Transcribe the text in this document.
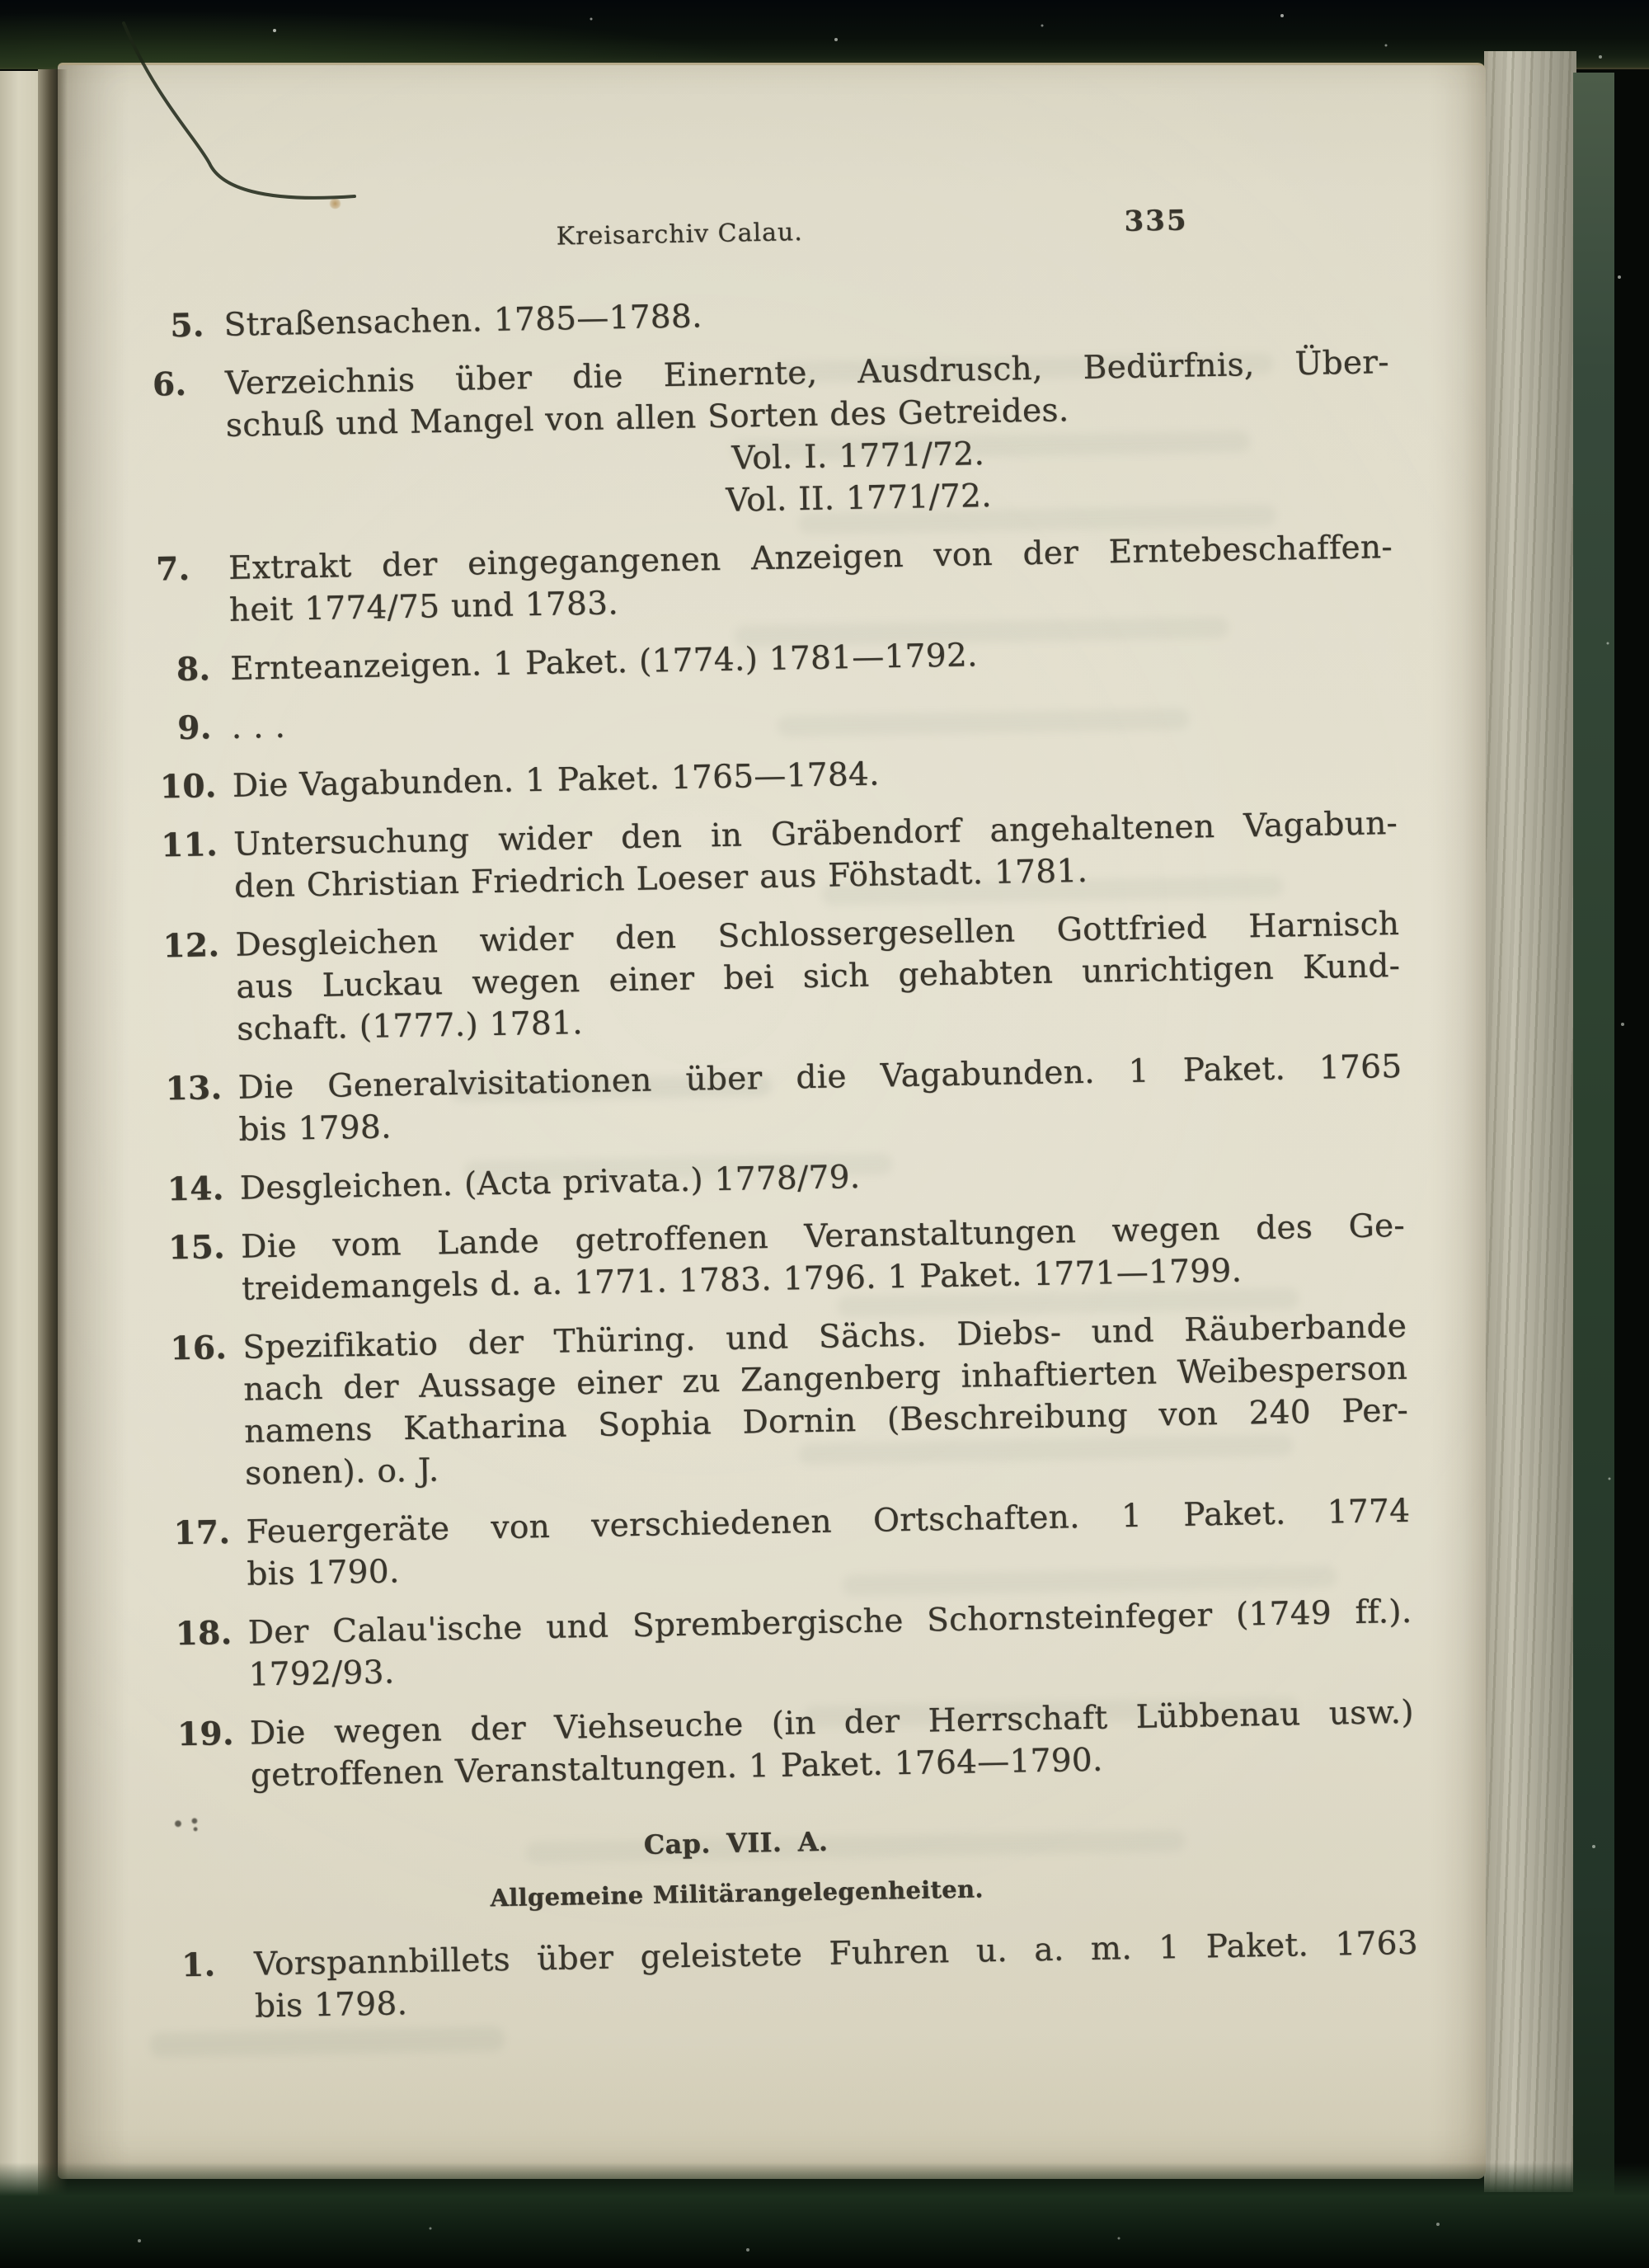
Kreisarchiv Calau.	335
5. Straßensachen. 1785—1788.
6. Verzeichnis über die Einernte, Ausdrusch, Bedürfnis, Über-
schuß und Mangel von allen Sorten des Getreides.
Vol. I. 1771/72.
Vol. II. 1771/72.
7. Extrakt der eingegangenen Anzeigen von der Erntebeschaffen-
heit 1774/75 und 1783.
8. Ernteanzeigen. 1 Paket. (1774.) 1781—1792.
9. . . .
10. Die Vagabunden. 1 Paket. 1765—1784.
11. Untersuchung wider den in Gräbendorf angehaltenen Vagabun-
den Christian Friedrich Loeser aus Föhstadt. 1781.
12. Desgleichen wider den Schlossergesellen Gottfried Harnisch
aus Luckau wegen einer bei sich gehabten unrichtigen Kund-
schaft. (1777.) 1781.
13. Die Generalvisitationen über die Vagabunden. 1 Paket. 1765
bis 1798.
14. Desgleichen. (Acta privata.) 1778/79.
15. Die vom Lande getroffenen Veranstaltungen wegen des Ge-
treidemangels d. a. 1771. 1783. 1796. 1 Paket. 1771—1799.
16. Spezifikatio der Thüring. und Sächs. Diebs- und Räuberbande
nach der Aussage einer zu Zangenberg inhaftierten Weibesperson
namens Katharina Sophia Dornin (Beschreibung von 240 Per-
sonen). o. J.
17. Feuergeräte von verschiedenen Ortschaften. 1 Paket. 1774
bis 1790.
18. Der Calau'ische und Sprembergische Schornsteinfeger (1749 ff.).
1792/93.
19. Die wegen der Viehseuche (in der Herrschaft Lübbenau usw.)
getroffenen Veranstaltungen. 1 Paket. 1764—1790.
Cap. VII. A.
Allgemeine Militärangelegenheiten.
1. Vorspannbillets über geleistete Fuhren u. a. m. 1 Paket. 1763
bis 1798.
